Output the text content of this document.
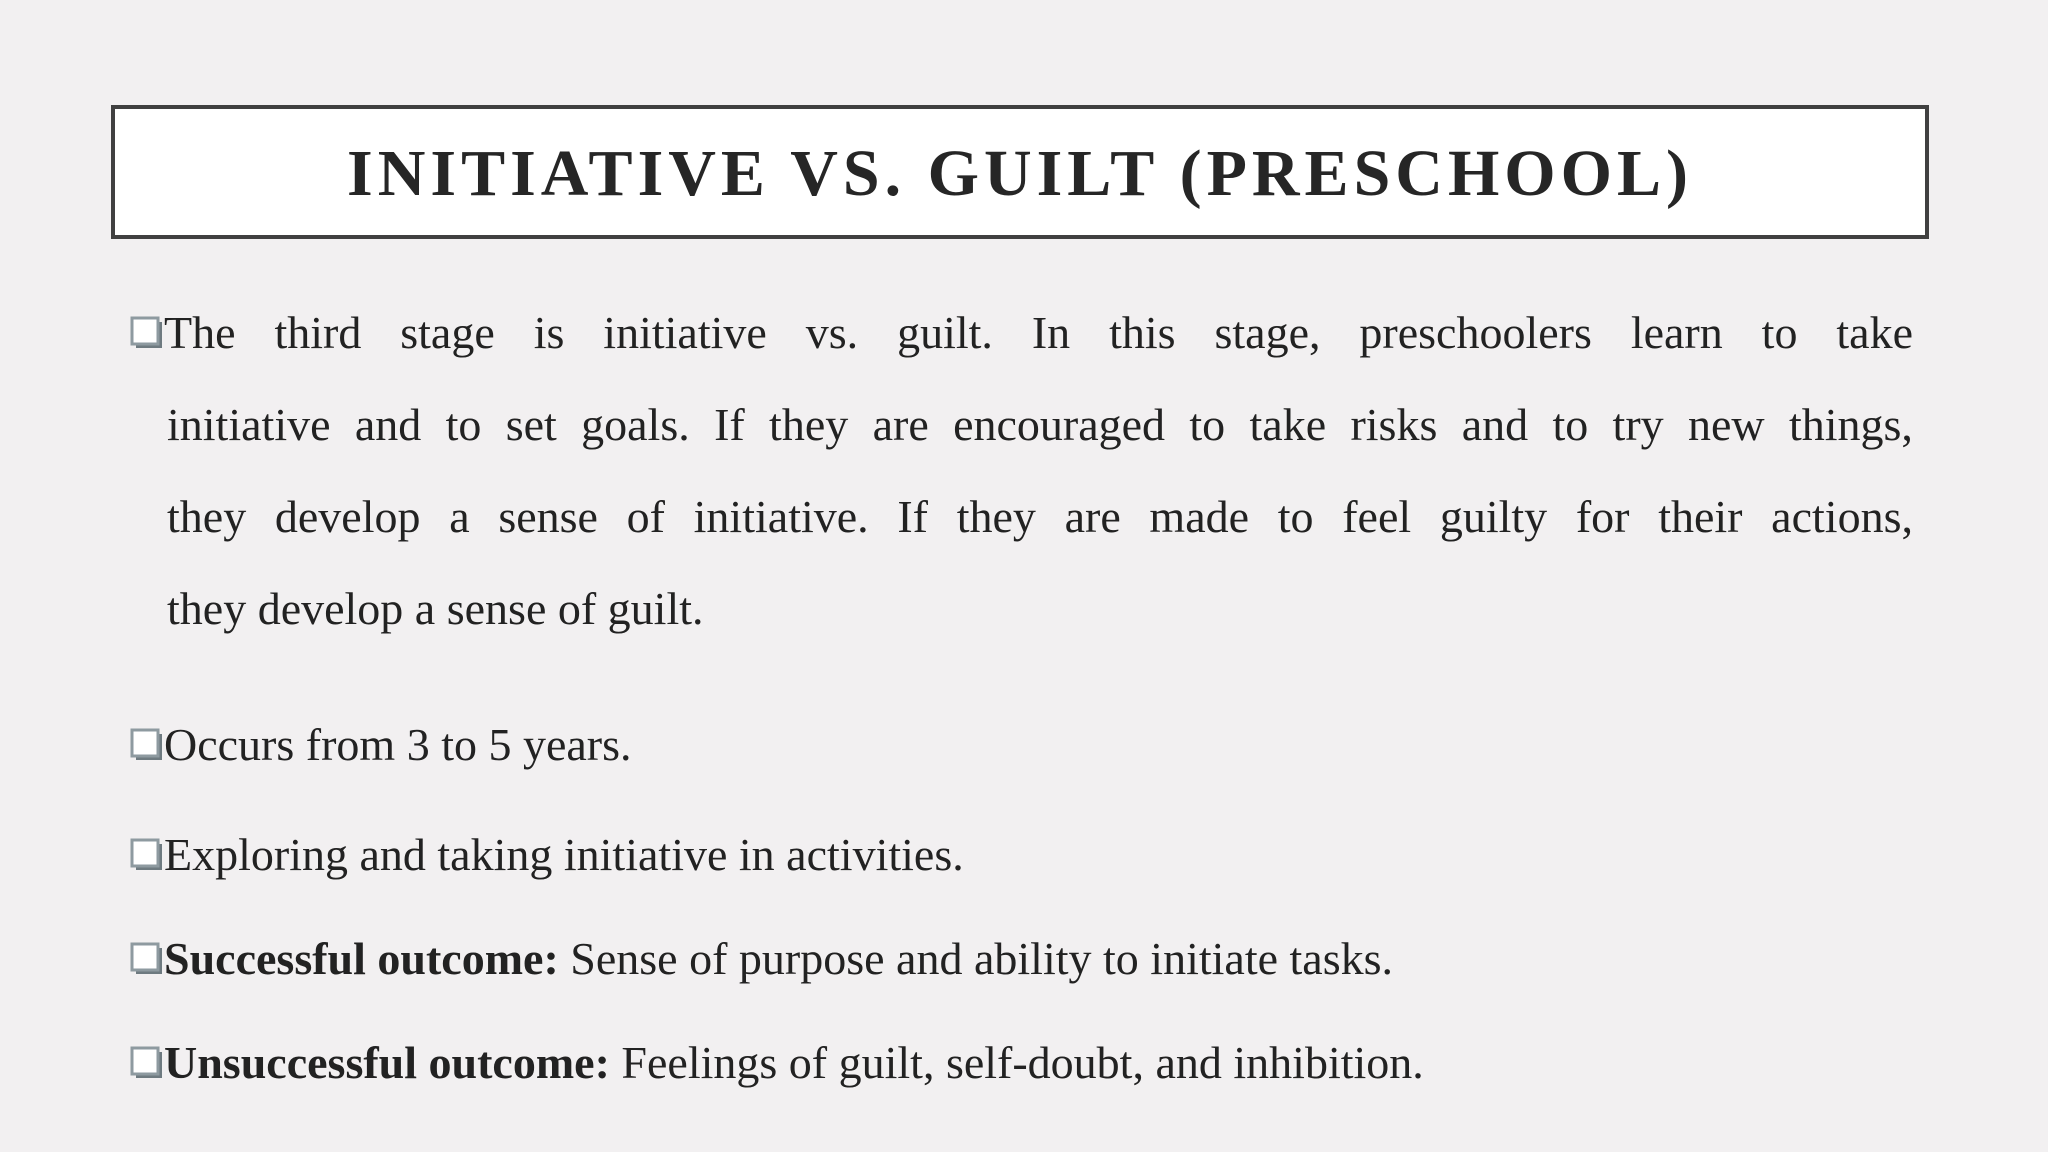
INITIATIVE VS. GUILT (PRESCHOOL)
The third stage is initiative vs. guilt. In this stage, preschoolers learn to take
initiative and to set goals. If they are encouraged to take risks and to try new things,
they develop a sense of initiative. If they are made to feel guilty for their actions,
they develop a sense of guilt.
Occurs from 3 to 5 years.
Exploring and taking initiative in activities.
Successful outcome: Sense of purpose and ability to initiate tasks.
Unsuccessful outcome: Feelings of guilt, self-doubt, and inhibition.
